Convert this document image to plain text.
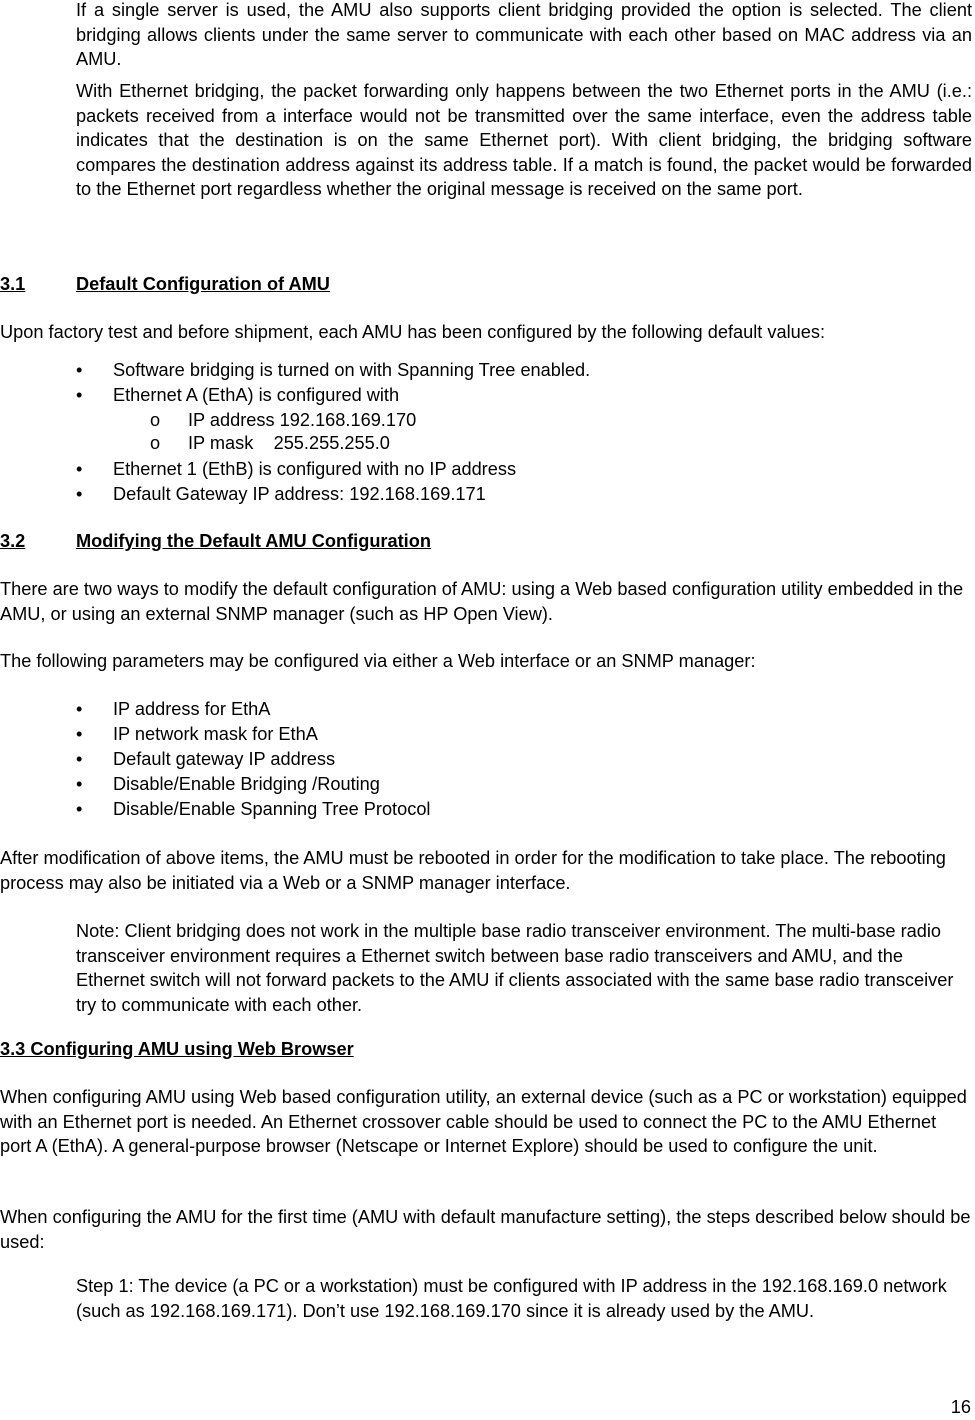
If a single server is used, the AMU also supports client bridging provided the option is selected. The client bridging allows clients under the same server to communicate with each other based on MAC address via an AMU.

With Ethernet bridging, the packet forwarding only happens between the two Ethernet ports in the AMU (i.e.: packets received from a interface would not be transmitted over the same interface, even the address table indicates that the destination is on the same Ethernet port). With client bridging, the bridging software compares the destination address against its address table. If a match is found, the packet would be forwarded to the Ethernet port regardless whether the original message is received on the same port.

3.1	Default Configuration of AMU

Upon factory test and before shipment, each AMU has been configured by the following default values:

• Software bridging is turned on with Spanning Tree enabled.
• Ethernet A (EthA) is configured with
o IP address 192.168.169.170
o IP mask    255.255.255.0
• Ethernet 1 (EthB) is configured with no IP address
• Default Gateway IP address: 192.168.169.171
3.2	Modifying the Default AMU Configuration

There are two ways to modify the default configuration of AMU: using a Web based configuration utility embedded in the AMU, or using an external SNMP manager (such as HP Open View).

The following parameters may be configured via either a Web interface or an SNMP manager:

• IP address for EthA
• IP network mask for EthA
• Default gateway IP address
• Disable/Enable Bridging /Routing
• Disable/Enable Spanning Tree Protocol

After modification of above items, the AMU must be rebooted in order for the modification to take place. The rebooting process may also be initiated via a Web or a SNMP manager interface.

Note: Client bridging does not work in the multiple base radio transceiver environment. The multi-base radio transceiver environment requires a Ethernet switch between base radio transceivers and AMU, and the Ethernet switch will not forward packets to the AMU if clients associated with the same base radio transceiver try to communicate with each other.

3.3 Configuring AMU using Web Browser

When configuring AMU using Web based configuration utility, an external device (such as a PC or workstation) equipped with an Ethernet port is needed. An Ethernet crossover cable should be used to connect the PC to the AMU Ethernet port A (EthA). A general-purpose browser (Netscape or Internet Explore) should be used to configure the unit.

When configuring the AMU for the first time (AMU with default manufacture setting), the steps described below should be used:

Step 1: The device (a PC or a workstation) must be configured with IP address in the 192.168.169.0 network (such as 192.168.169.171). Don’t use 192.168.169.170 since it is already used by the AMU.

16
